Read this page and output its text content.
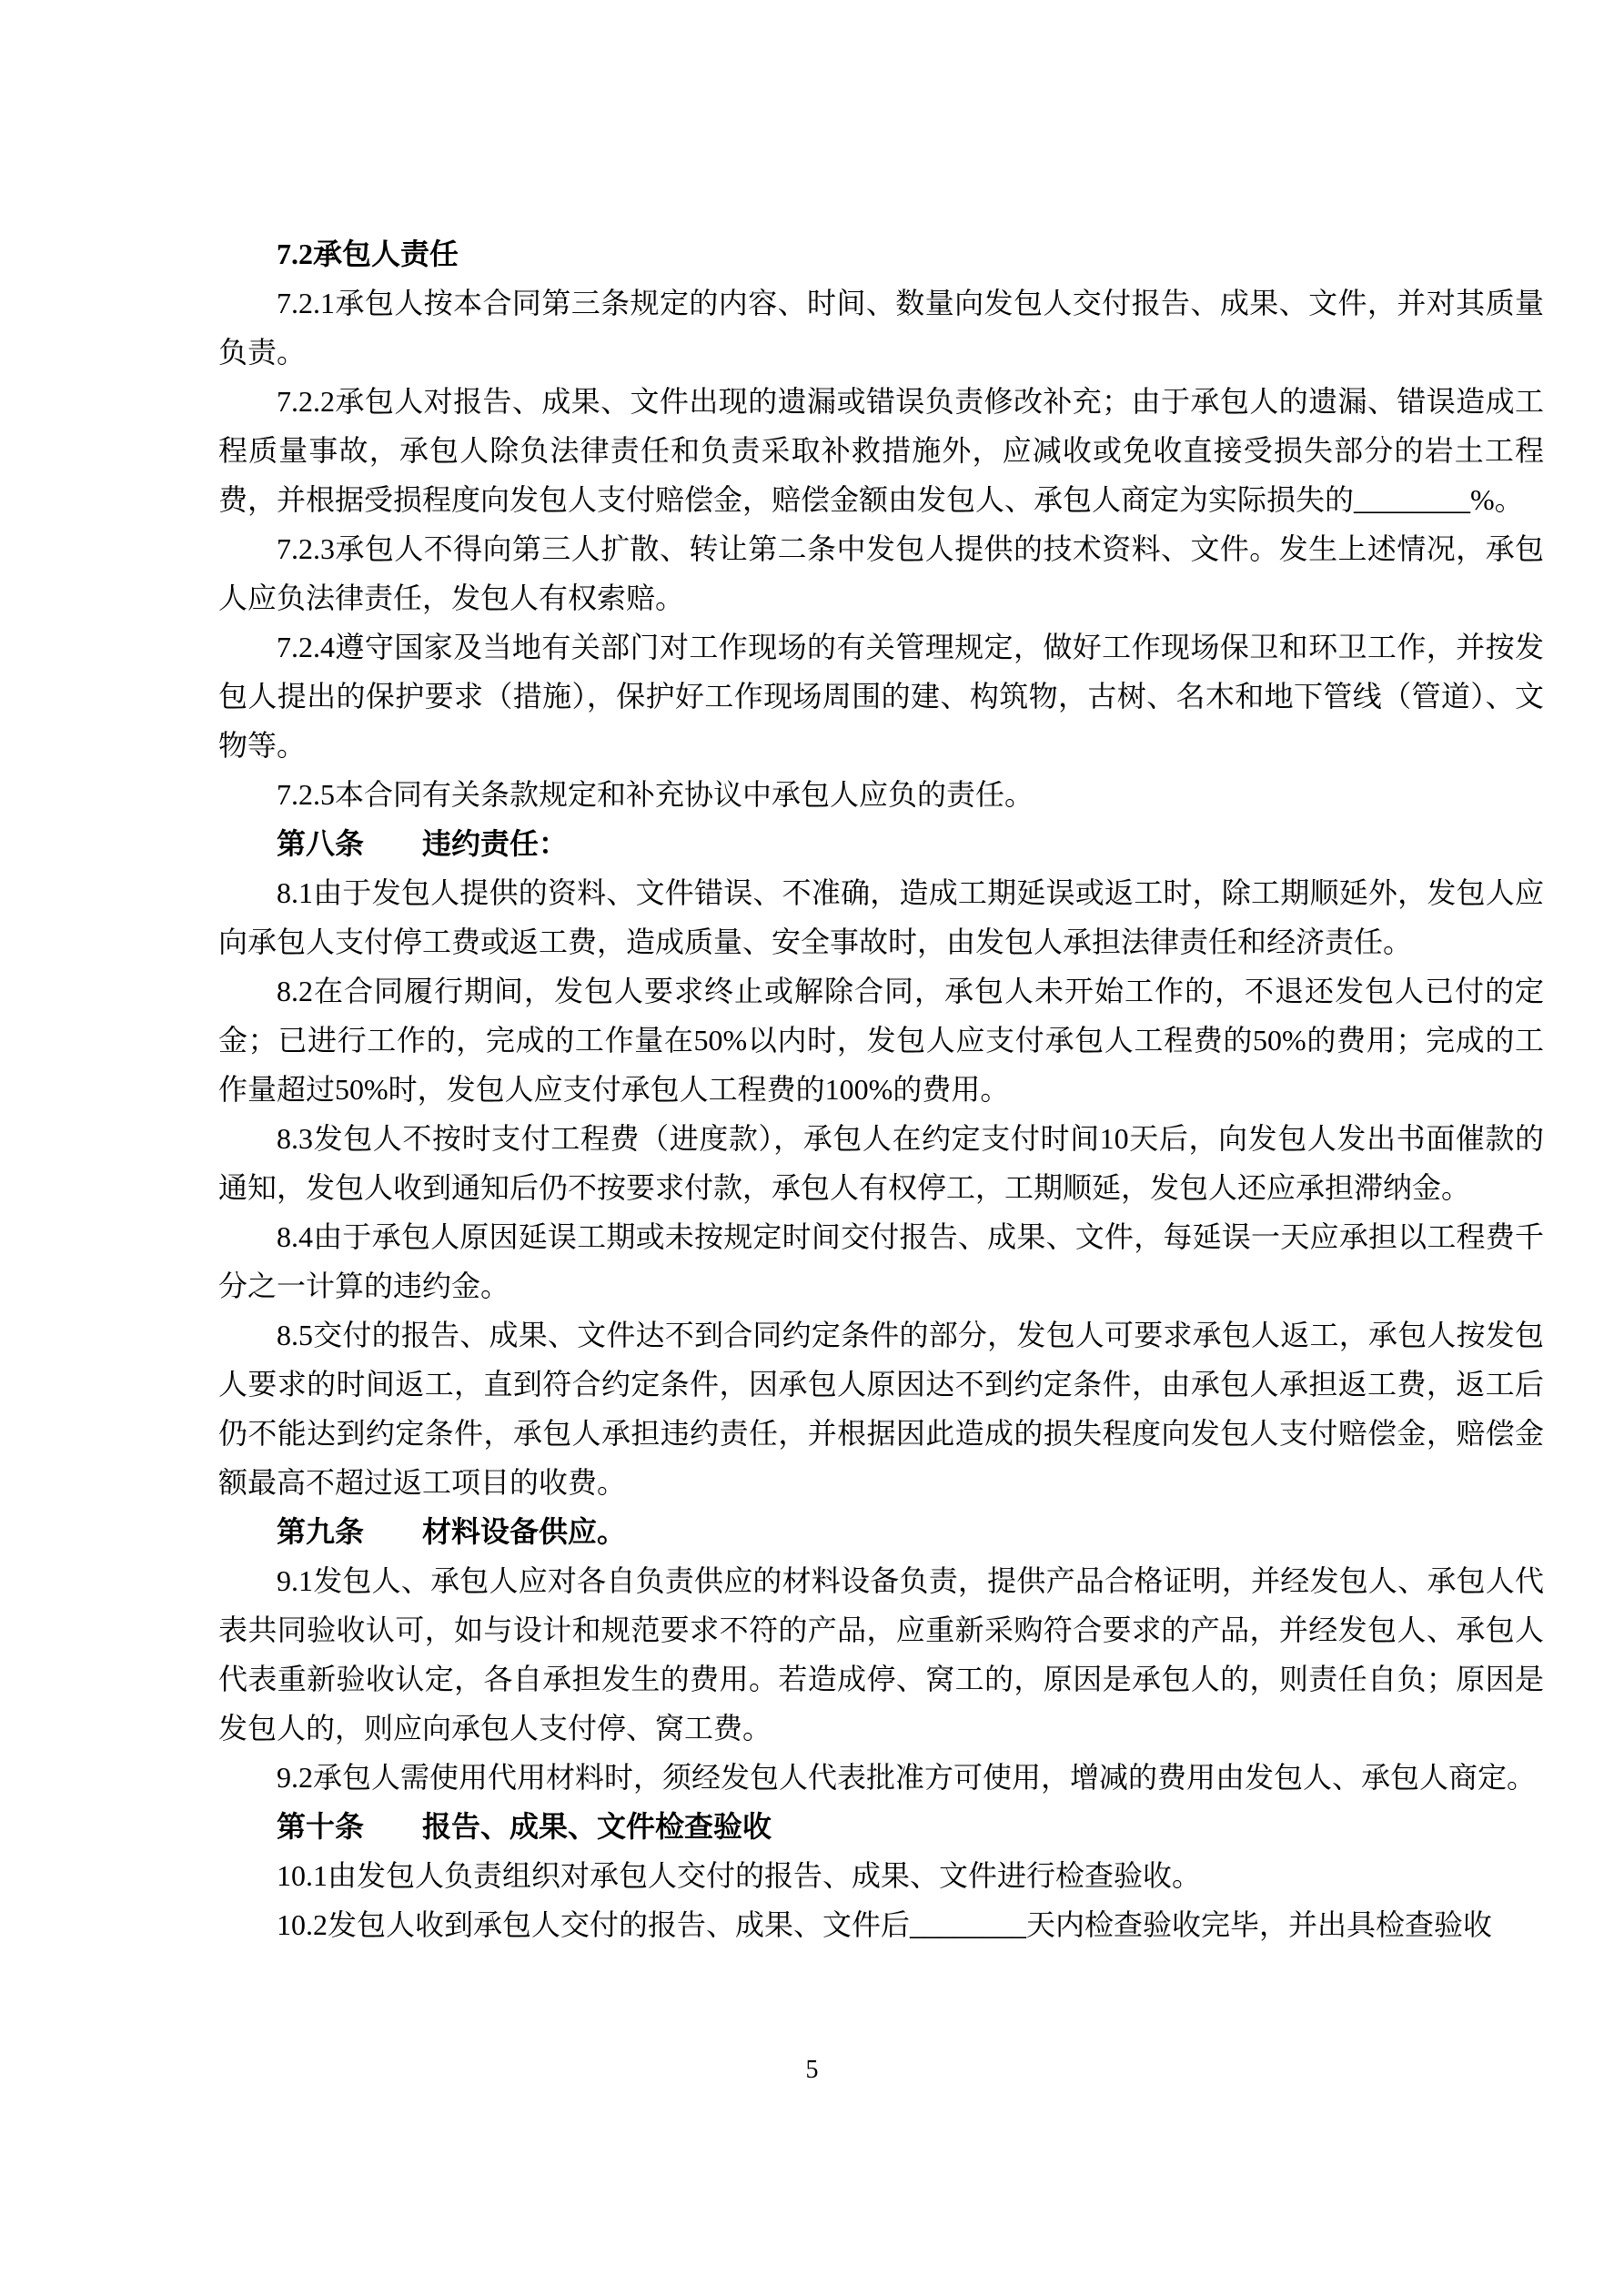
7.2承包人责任

7.2.1承包人按本合同第三条规定的内容、时间、数量向发包人交付报告、成果、文件，并对其质量负责。

7.2.2承包人对报告、成果、文件出现的遗漏或错误负责修改补充；由于承包人的遗漏、错误造成工程质量事故，承包人除负法律责任和负责采取补救措施外，应减收或免收直接受损失部分的岩土工程费，并根据受损程度向发包人支付赔偿金，赔偿金额由发包人、承包人商定为实际损失的________%。

7.2.3承包人不得向第三人扩散、转让第二条中发包人提供的技术资料、文件。发生上述情况，承包人应负法律责任，发包人有权索赔。

7.2.4遵守国家及当地有关部门对工作现场的有关管理规定，做好工作现场保卫和环卫工作，并按发包人提出的保护要求（措施），保护好工作现场周围的建、构筑物，古树、名木和地下管线（管道）、文物等。

7.2.5本合同有关条款规定和补充协议中承包人应负的责任。

第八条　　违约责任：

8.1由于发包人提供的资料、文件错误、不准确，造成工期延误或返工时，除工期顺延外，发包人应向承包人支付停工费或返工费，造成质量、安全事故时，由发包人承担法律责任和经济责任。

8.2在合同履行期间，发包人要求终止或解除合同，承包人未开始工作的，不退还发包人已付的定金；已进行工作的，完成的工作量在50%以内时，发包人应支付承包人工程费的50%的费用；完成的工作量超过50%时，发包人应支付承包人工程费的100%的费用。

8.3发包人不按时支付工程费（进度款），承包人在约定支付时间10天后，向发包人发出书面催款的通知，发包人收到通知后仍不按要求付款，承包人有权停工，工期顺延，发包人还应承担滞纳金。

8.4由于承包人原因延误工期或未按规定时间交付报告、成果、文件，每延误一天应承担以工程费千分之一计算的违约金。

8.5交付的报告、成果、文件达不到合同约定条件的部分，发包人可要求承包人返工，承包人按发包人要求的时间返工，直到符合约定条件，因承包人原因达不到约定条件，由承包人承担返工费，返工后仍不能达到约定条件，承包人承担违约责任，并根据因此造成的损失程度向发包人支付赔偿金，赔偿金额最高不超过返工项目的收费。

第九条　　材料设备供应。

9.1发包人、承包人应对各自负责供应的材料设备负责，提供产品合格证明，并经发包人、承包人代表共同验收认可，如与设计和规范要求不符的产品，应重新采购符合要求的产品，并经发包人、承包人代表重新验收认定，各自承担发生的费用。若造成停、窝工的，原因是承包人的，则责任自负；原因是发包人的，则应向承包人支付停、窝工费。

9.2承包人需使用代用材料时，须经发包人代表批准方可使用，增减的费用由发包人、承包人商定。

第十条　　报告、成果、文件检查验收

10.1由发包人负责组织对承包人交付的报告、成果、文件进行检查验收。

10.2发包人收到承包人交付的报告、成果、文件后________天内检查验收完毕，并出具检查验收

5
